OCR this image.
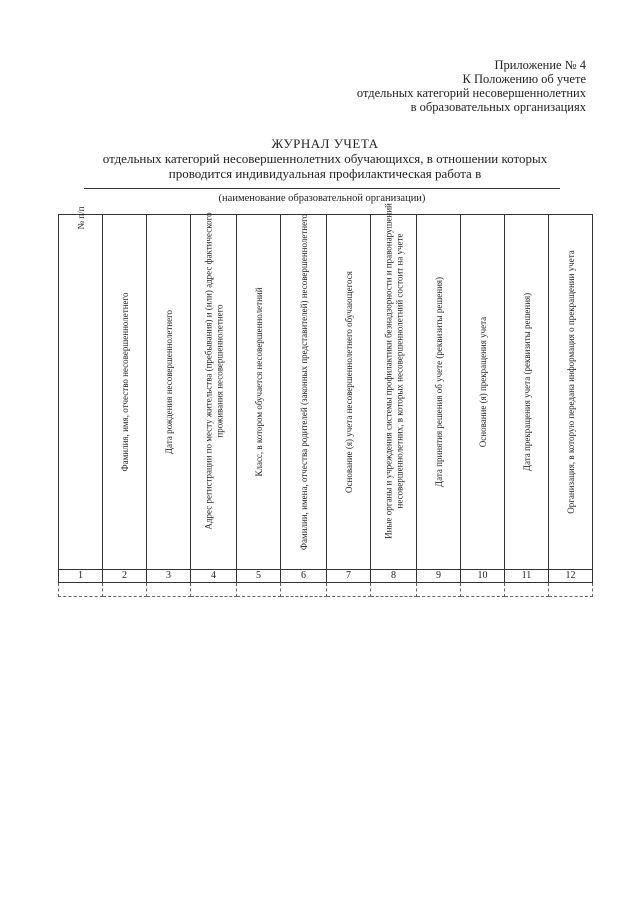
Приложение № 4
К Положению об учете
отдельных категорий несовершеннолетних
в образовательных организациях
ЖУРНАЛ УЧЕТА
отдельных категорий несовершеннолетних обучающихся, в отношении которых
проводится индивидуальная профилактическая работа в
(наименование образовательной организации)
№ п/п	Фамилия, имя, отчество несовершеннолетнего	Дата рождения несовершеннолетнего	Адрес регистрации по месту жительства (пребывания) и (или) адрес фактического проживания несовершеннолетнего	Класс, в котором обучается несовершеннолетний	Фамилии, имена, отчества родителей (законных представителей) несовершеннолетнего	Основание (я) учета несовершеннолетнего обучающегося	Иные органы и учреждения системы профилактики безнадзорности и правонарушений несовершеннолетних, в которых несовершеннолетний состоит на учете	Дата принятия решения об учете (реквизиты решения)	Основание (я) прекращения учета	Дата прекращения учета (реквизиты решения)	Организация, в которую передана информация о прекращении учета

1	2	3	4	5	6	7	8	9	10	11	12
